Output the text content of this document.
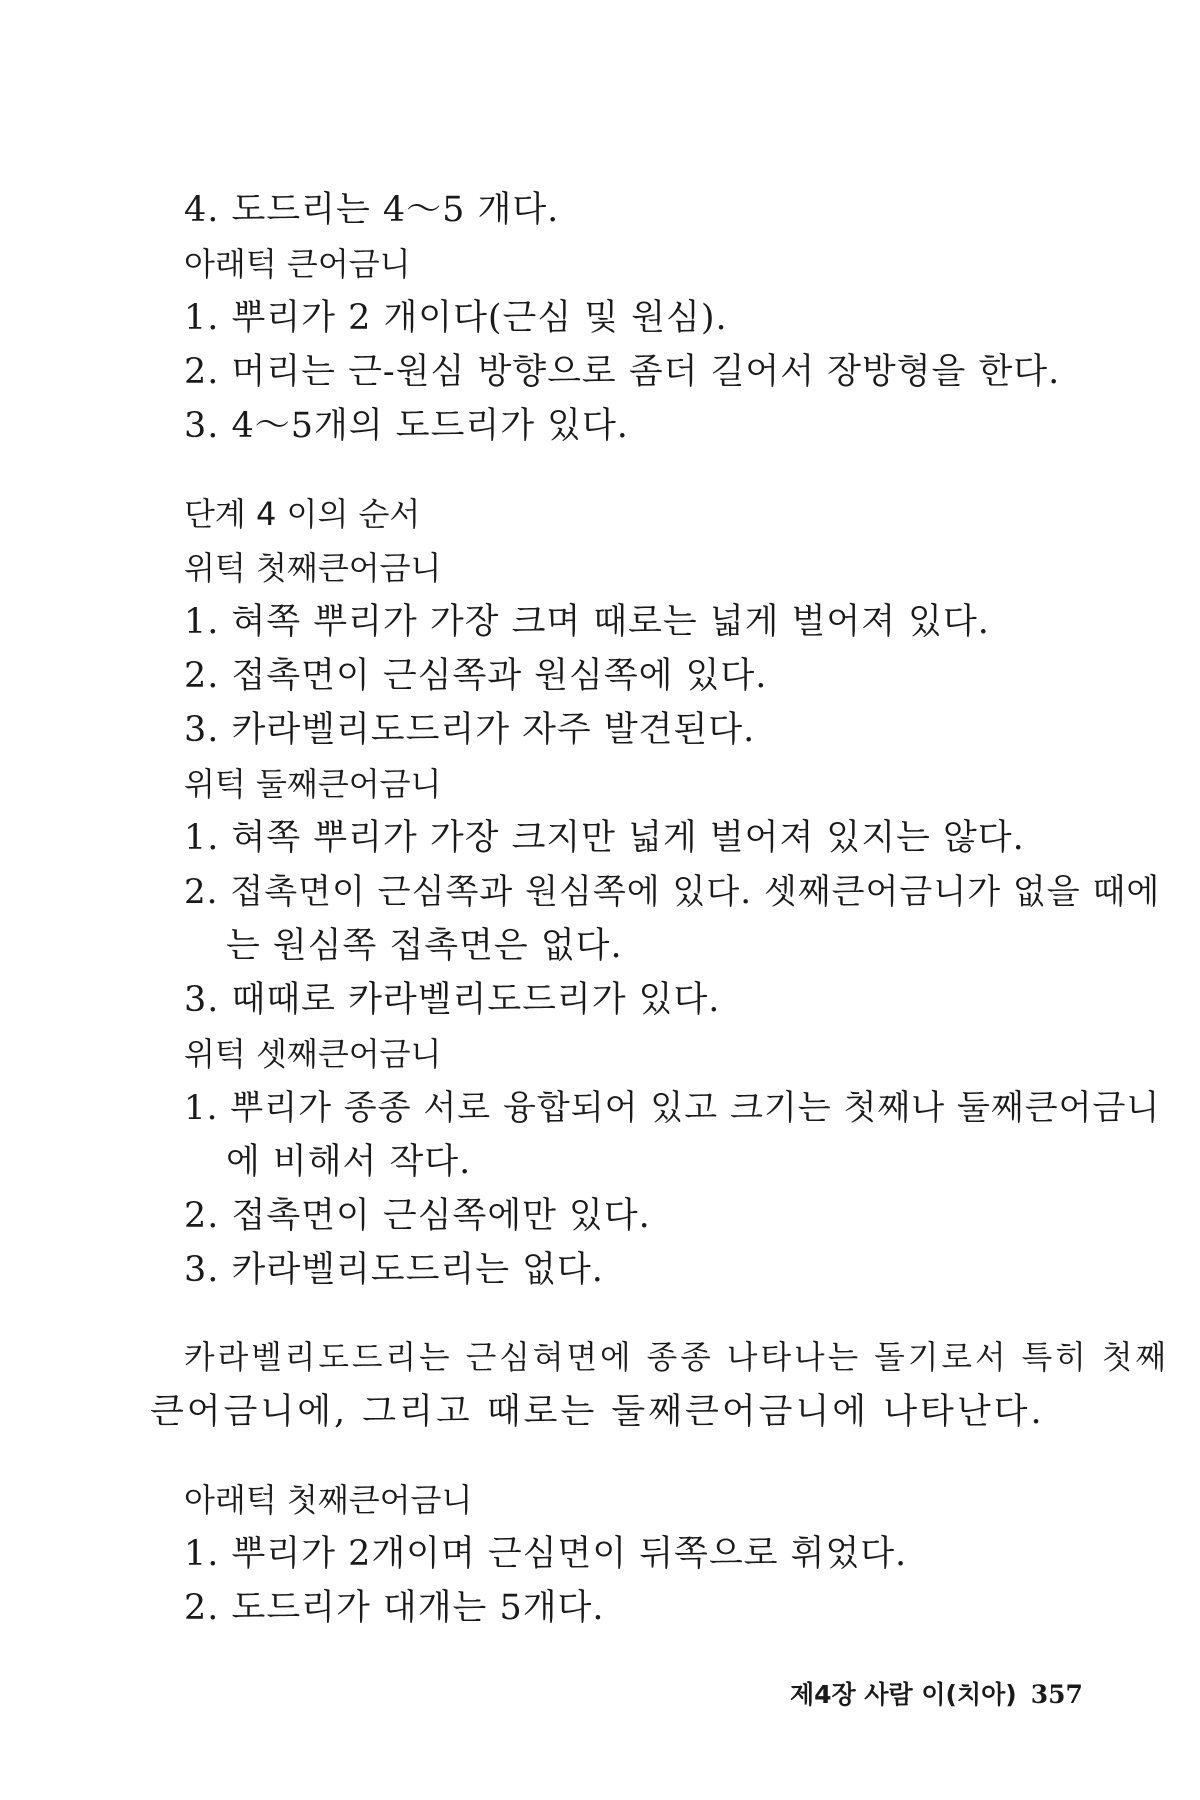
4. 도드리는 4～5 개다.
아래턱 큰어금니
1. 뿌리가 2 개이다(근심 및 원심).
2. 머리는 근-원심 방향으로 좀더 길어서 장방형을 한다.
3. 4～5개의 도드리가 있다.
단계 4 이의 순서
위턱 첫째큰어금니
1. 혀쪽 뿌리가 가장 크며 때로는 넓게 벌어져 있다.
2. 접촉면이 근심쪽과 원심쪽에 있다.
3. 카라벨리도드리가 자주 발견된다.
위턱 둘째큰어금니
1. 혀쪽 뿌리가 가장 크지만 넓게 벌어져 있지는 않다.
2. 접촉면이 근심쪽과 원심쪽에 있다. 셋째큰어금니가 없을 때에
는 원심쪽 접촉면은 없다.
3. 때때로 카라벨리도드리가 있다.
위턱 셋째큰어금니
1. 뿌리가 종종 서로 융합되어 있고 크기는 첫째나 둘째큰어금니
에 비해서 작다.
2. 접촉면이 근심쪽에만 있다.
3. 카라벨리도드리는 없다.
카라벨리도드리는 근심혀면에 종종 나타나는 돌기로서 특히 첫째
큰어금니에, 그리고 때로는 둘째큰어금니에 나타난다.
아래턱 첫째큰어금니
1. 뿌리가 2개이며 근심면이 뒤쪽으로 휘었다.
2. 도드리가 대개는 5개다.
제4장 사람 이(치아) 357
